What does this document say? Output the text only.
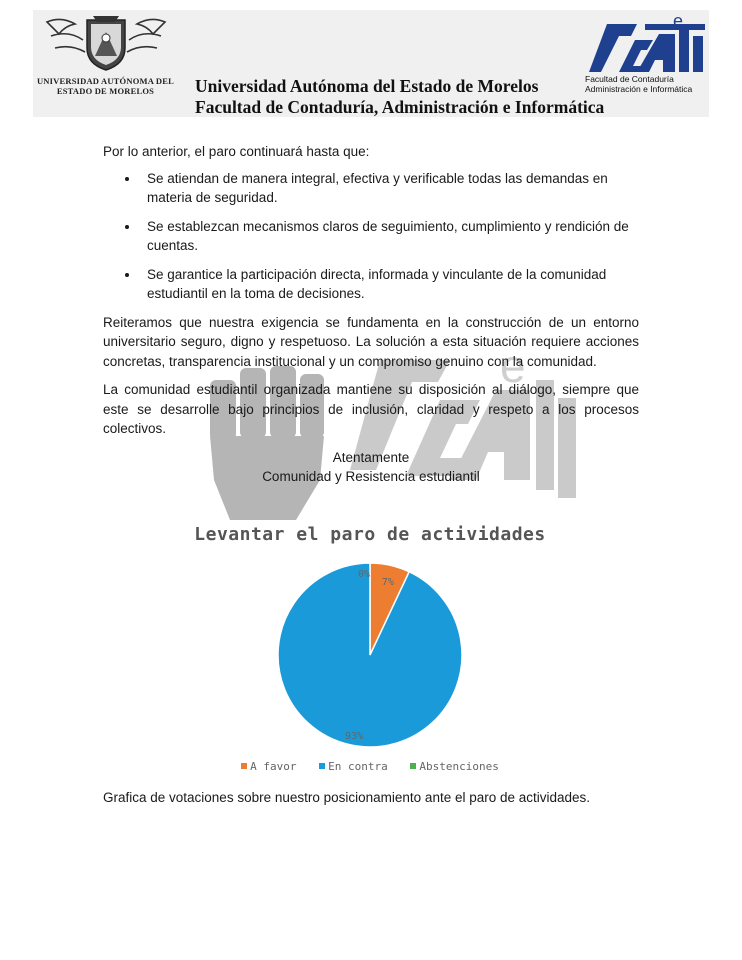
UNIVERSIDAD AUTÓNOMA DEL
ESTADO DE MORELOS	Universidad Autónoma del Estado de Morelos
Facultad de Contaduría, Administración e Informática
e
Facultad de Contaduría
Administración e Informática
e

Por lo anterior, el paro continuará hasta que:

Se atiendan de manera integral, efectiva y verificable todas las demandas en materia de seguridad.
Se establezcan mecanismos claros de seguimiento, cumplimiento y rendición de cuentas.
Se garantice la participación directa, informada y vinculante de la comunidad estudiantil en la toma de decisiones.

Reiteramos que nuestra exigencia se fundamenta en la construcción de un entorno universitario seguro, digno y respetuoso. La solución a esta situación requiere acciones concretas, transparencia institucional y un compromiso genuino con la comunidad.

La comunidad estudiantil organizada mantiene su disposición al diálogo, siempre que este se desarrolle bajo principios de inclusión, claridad y respeto a los procesos colectivos.

Atentamente
Comunidad y Resistencia estudiantil
Levantar el paro de actividades
7%
93%
0%
A favor	En contra	Abstenciones
Grafica de votaciones sobre nuestro posicionamiento ante el paro de actividades.
